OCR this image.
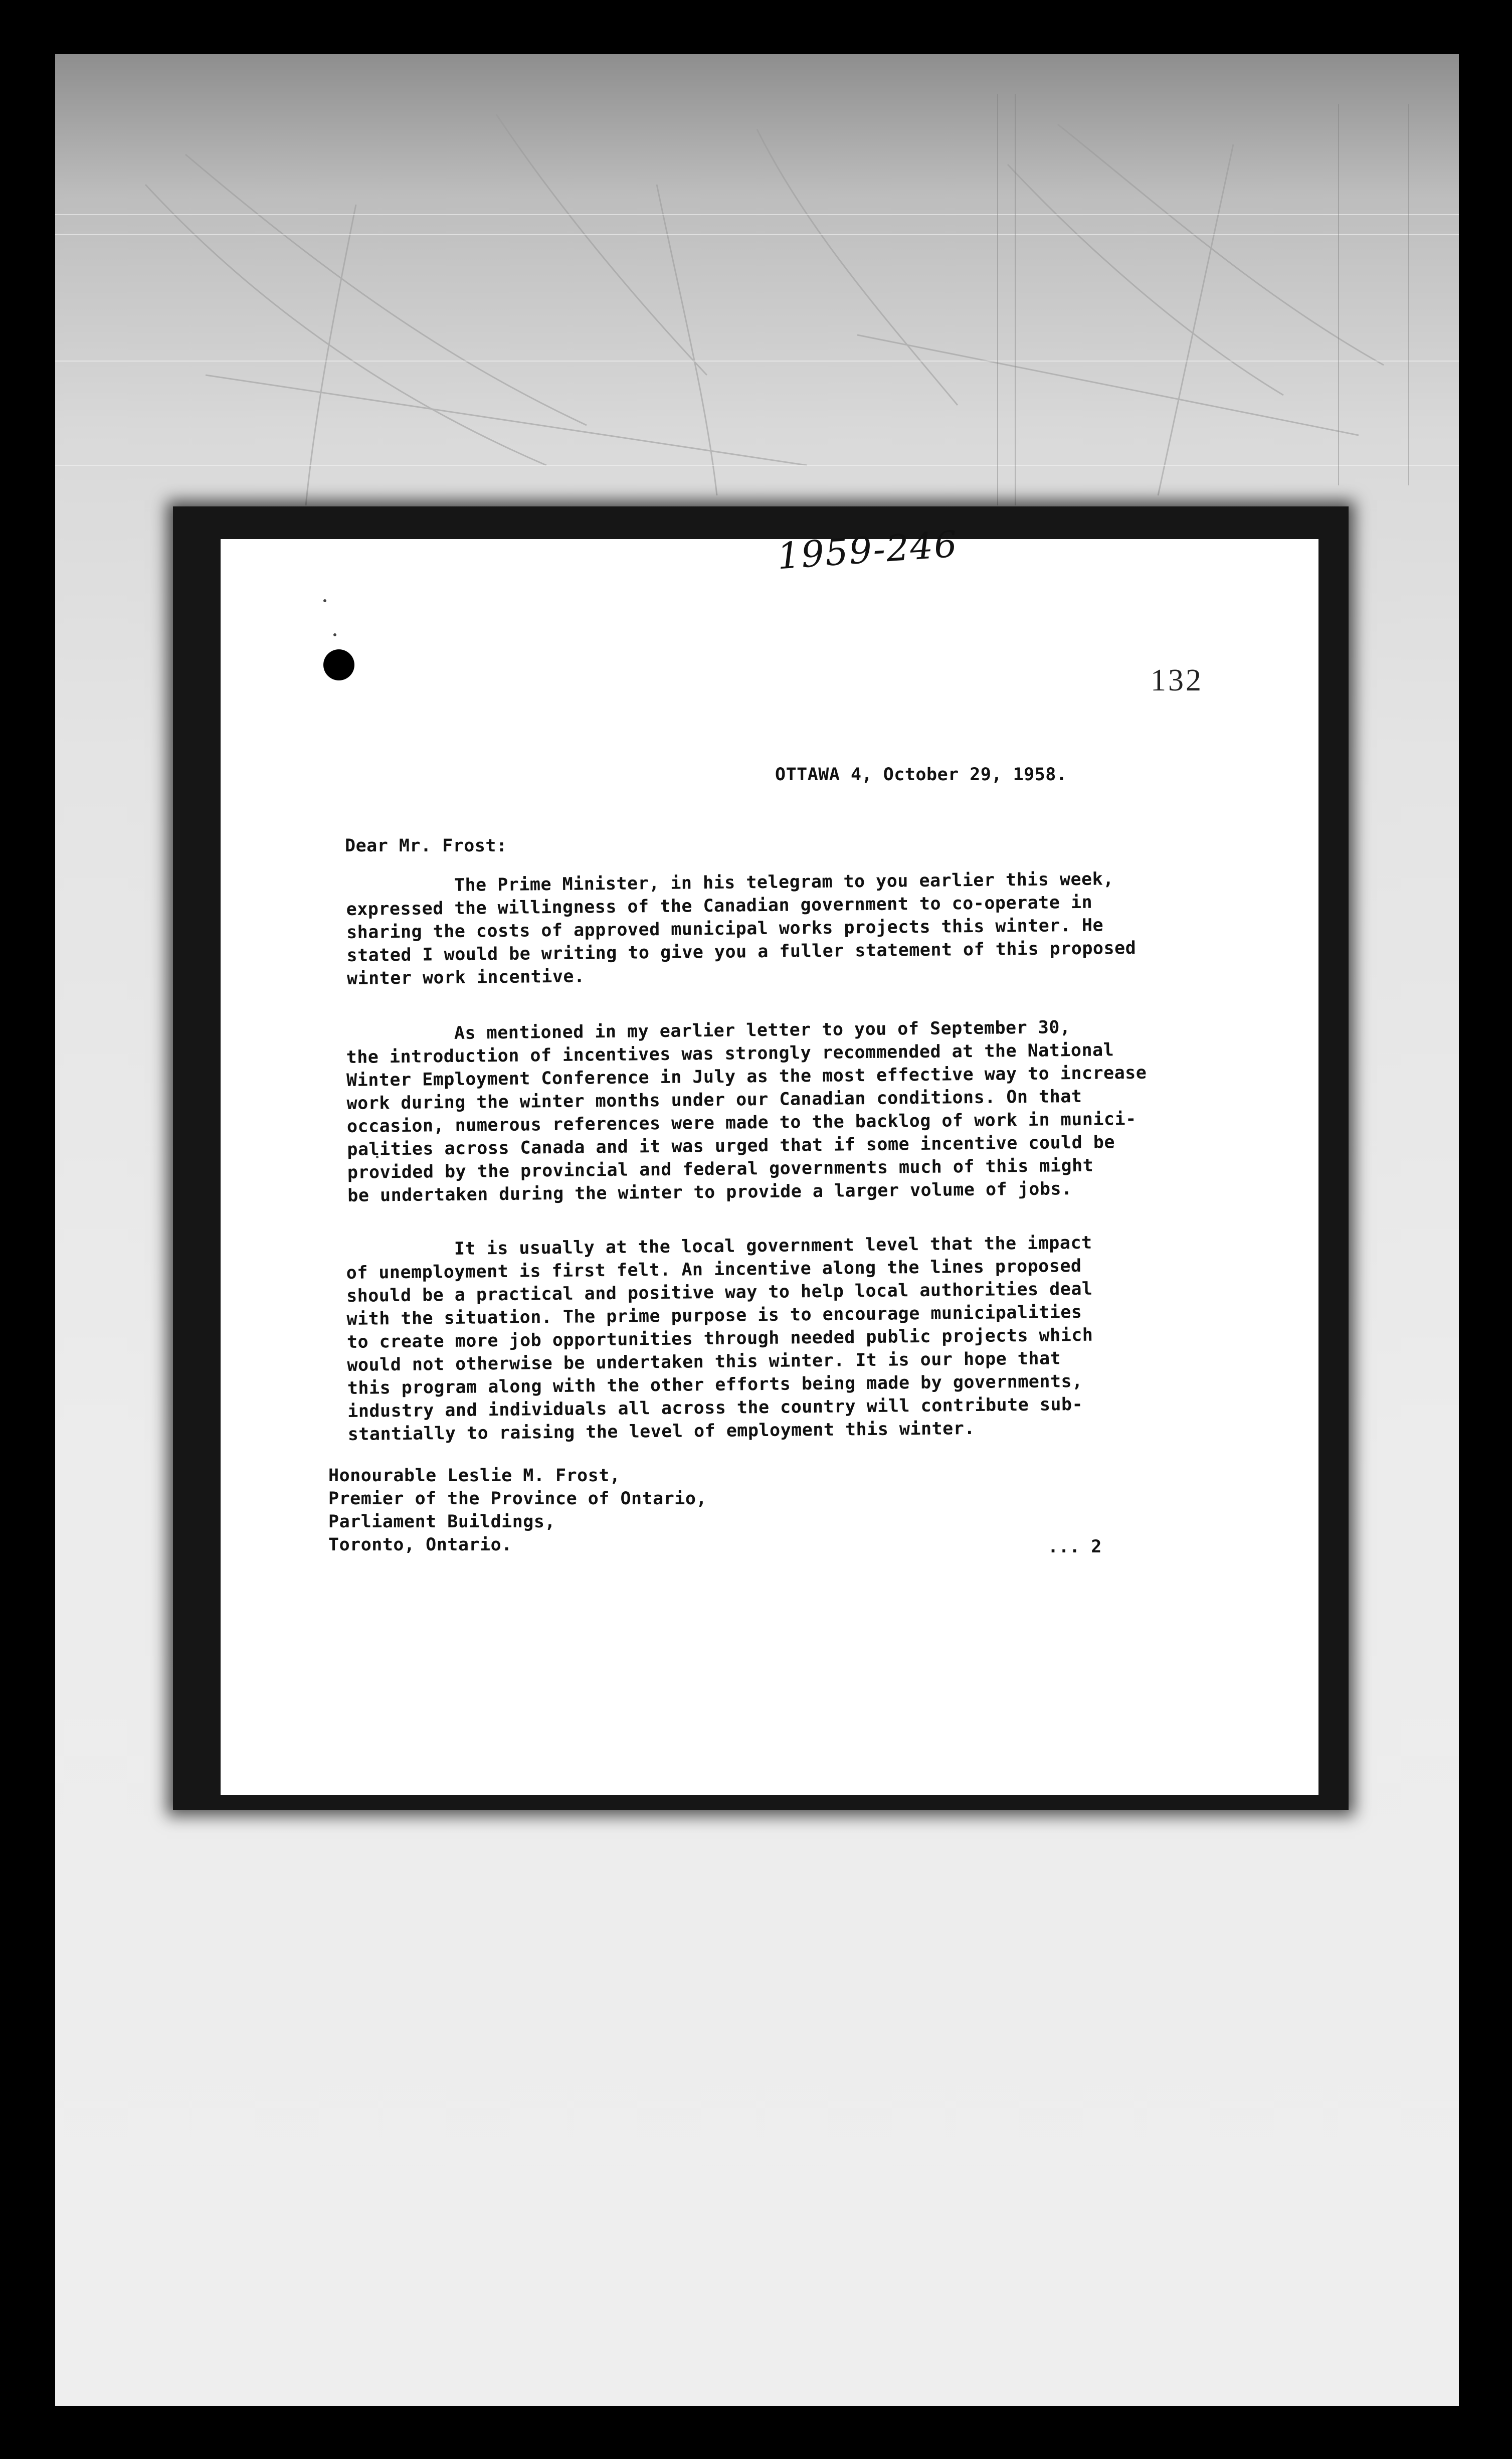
1959-246
132
OTTAWA 4, October 29, 1958.
Dear Mr. Frost:
The Prime Minister, in his telegram to you earlier this week,
expressed the willingness of the Canadian government to co-operate in
sharing the costs of approved municipal works projects this winter. He
stated I would be writing to give you a fuller statement of this proposed
winter work incentive.
As mentioned in my earlier letter to you of September 30,
the introduction of incentives was strongly recommended at the National
Winter Employment Conference in July as the most effective way to increase
work during the winter months under our Canadian conditions. On that
occasion, numerous references were made to the backlog of work in munici-
palities across Canada and it was urged that if some incentive could be
provided by the provincial and federal governments much of this might
be undertaken during the winter to provide a larger volume of jobs.
It is usually at the local government level that the impact
of unemployment is first felt. An incentive along the lines proposed
should be a practical and positive way to help local authorities deal
with the situation. The prime purpose is to encourage municipalities
to create more job opportunities through needed public projects which
would not otherwise be undertaken this winter. It is our hope that
this program along with the other efforts being made by governments,
industry and individuals all across the country will contribute sub-
stantially to raising the level of employment this winter.
Honourable Leslie M. Frost,
Premier of the Province of Ontario,
Parliament Buildings,
Toronto, Ontario.	... 2
